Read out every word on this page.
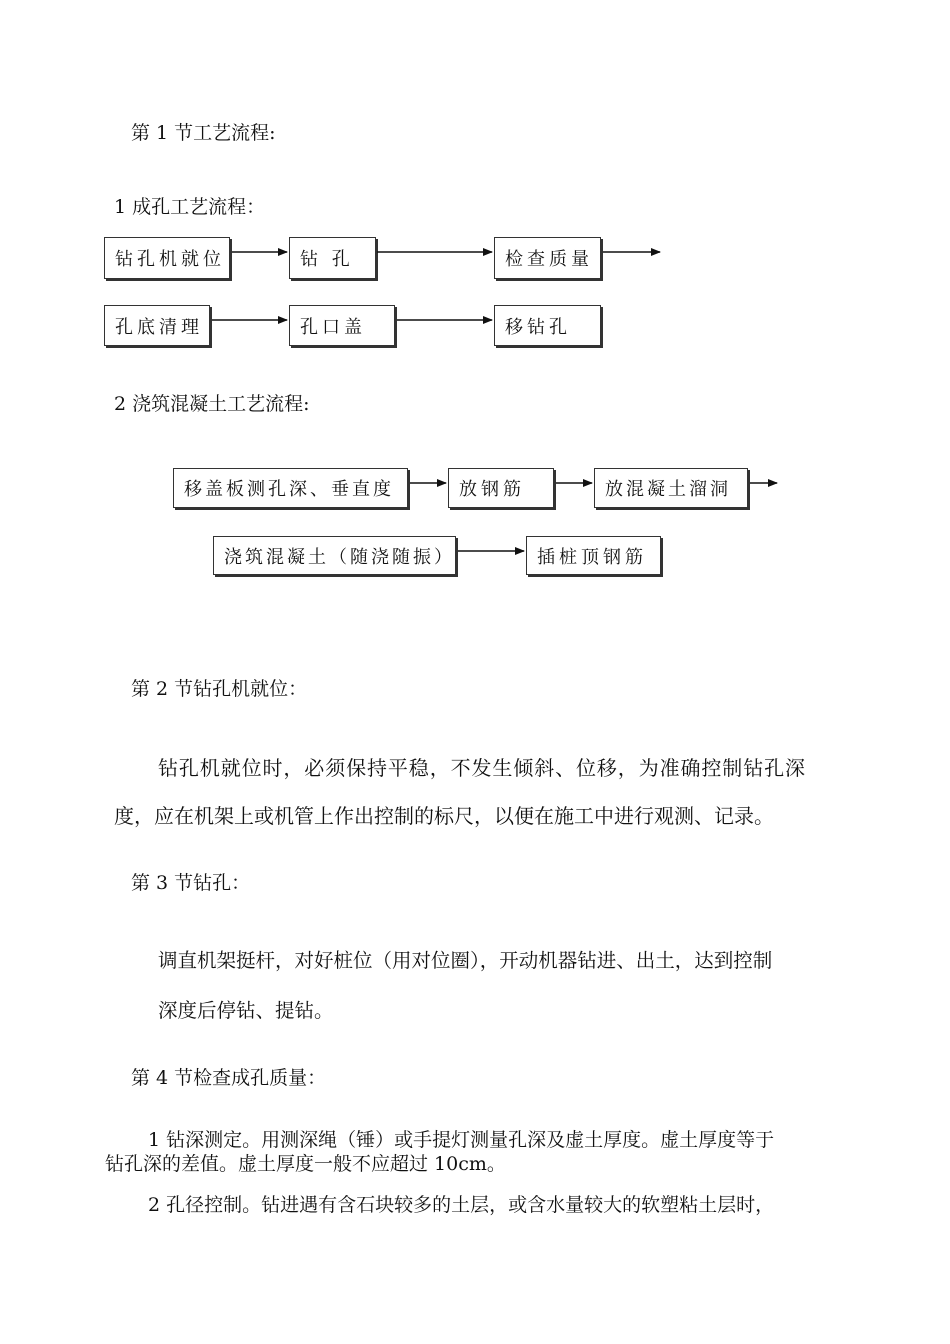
第 1 节工艺流程:
1 成孔工艺流程：
钻孔机就位	钻 孔	检查质量
孔底清理	孔口盖	移钻孔
2 浇筑混凝土工艺流程:
移盖板测孔深、垂直度	放钢筋	放混凝土溜洞
浇筑混凝土（随浇随振）	插桩顶钢筋
第 2 节钻孔机就位：
钻孔机就位时，必须保持平稳，不发生倾斜、位移，为准确控制钻孔深
度，应在机架上或机管上作出控制的标尺，以便在施工中进行观测、记录。
第 3 节钻孔：
调直机架挺杆，对好桩位（用对位圈），开动机器钻进、出土，达到控制
深度后停钻、提钻。
第 4 节检查成孔质量：
1 钻深测定。用测深绳（锤）或手提灯测量孔深及虚土厚度。虚土厚度等于
钻孔深的差值。虚土厚度一般不应超过 10cm。
2 孔径控制。钻进遇有含石块较多的土层，或含水量较大的软塑粘土层时，
